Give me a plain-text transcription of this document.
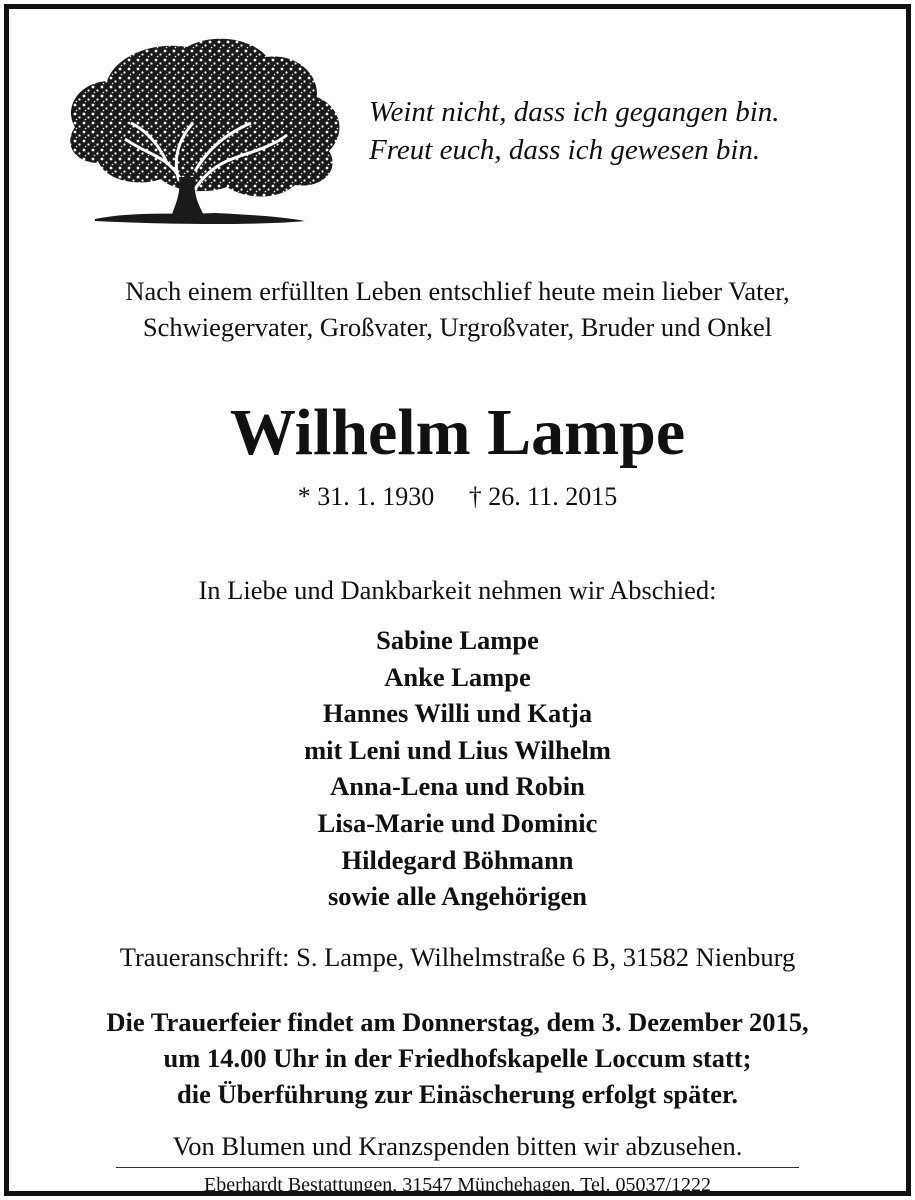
Weint nicht, dass ich gegangen bin.
Freut euch, dass ich gewesen bin.
Nach einem erfüllten Leben entschlief heute mein lieber Vater,
Schwiegervater, Großvater, Urgroßvater, Bruder und Onkel
Wilhelm Lampe
* 31. 1. 1930 † 26. 11. 2015
In Liebe und Dankbarkeit nehmen wir Abschied:
Sabine Lampe
Anke Lampe
Hannes Willi und Katja
mit Leni und Lius Wilhelm
Anna-Lena und Robin
Lisa-Marie und Dominic
Hildegard Böhmann
sowie alle Angehörigen
Traueranschrift: S. Lampe, Wilhelmstraße 6 B, 31582 Nienburg
Die Trauerfeier findet am Donnerstag, dem 3. Dezember 2015,
um 14.00 Uhr in der Friedhofskapelle Loccum statt;
die Überführung zur Einäscherung erfolgt später.
Von Blumen und Kranzspenden bitten wir abzusehen.
Eberhardt Bestattungen, 31547 Münchehagen, Tel. 05037/1222
